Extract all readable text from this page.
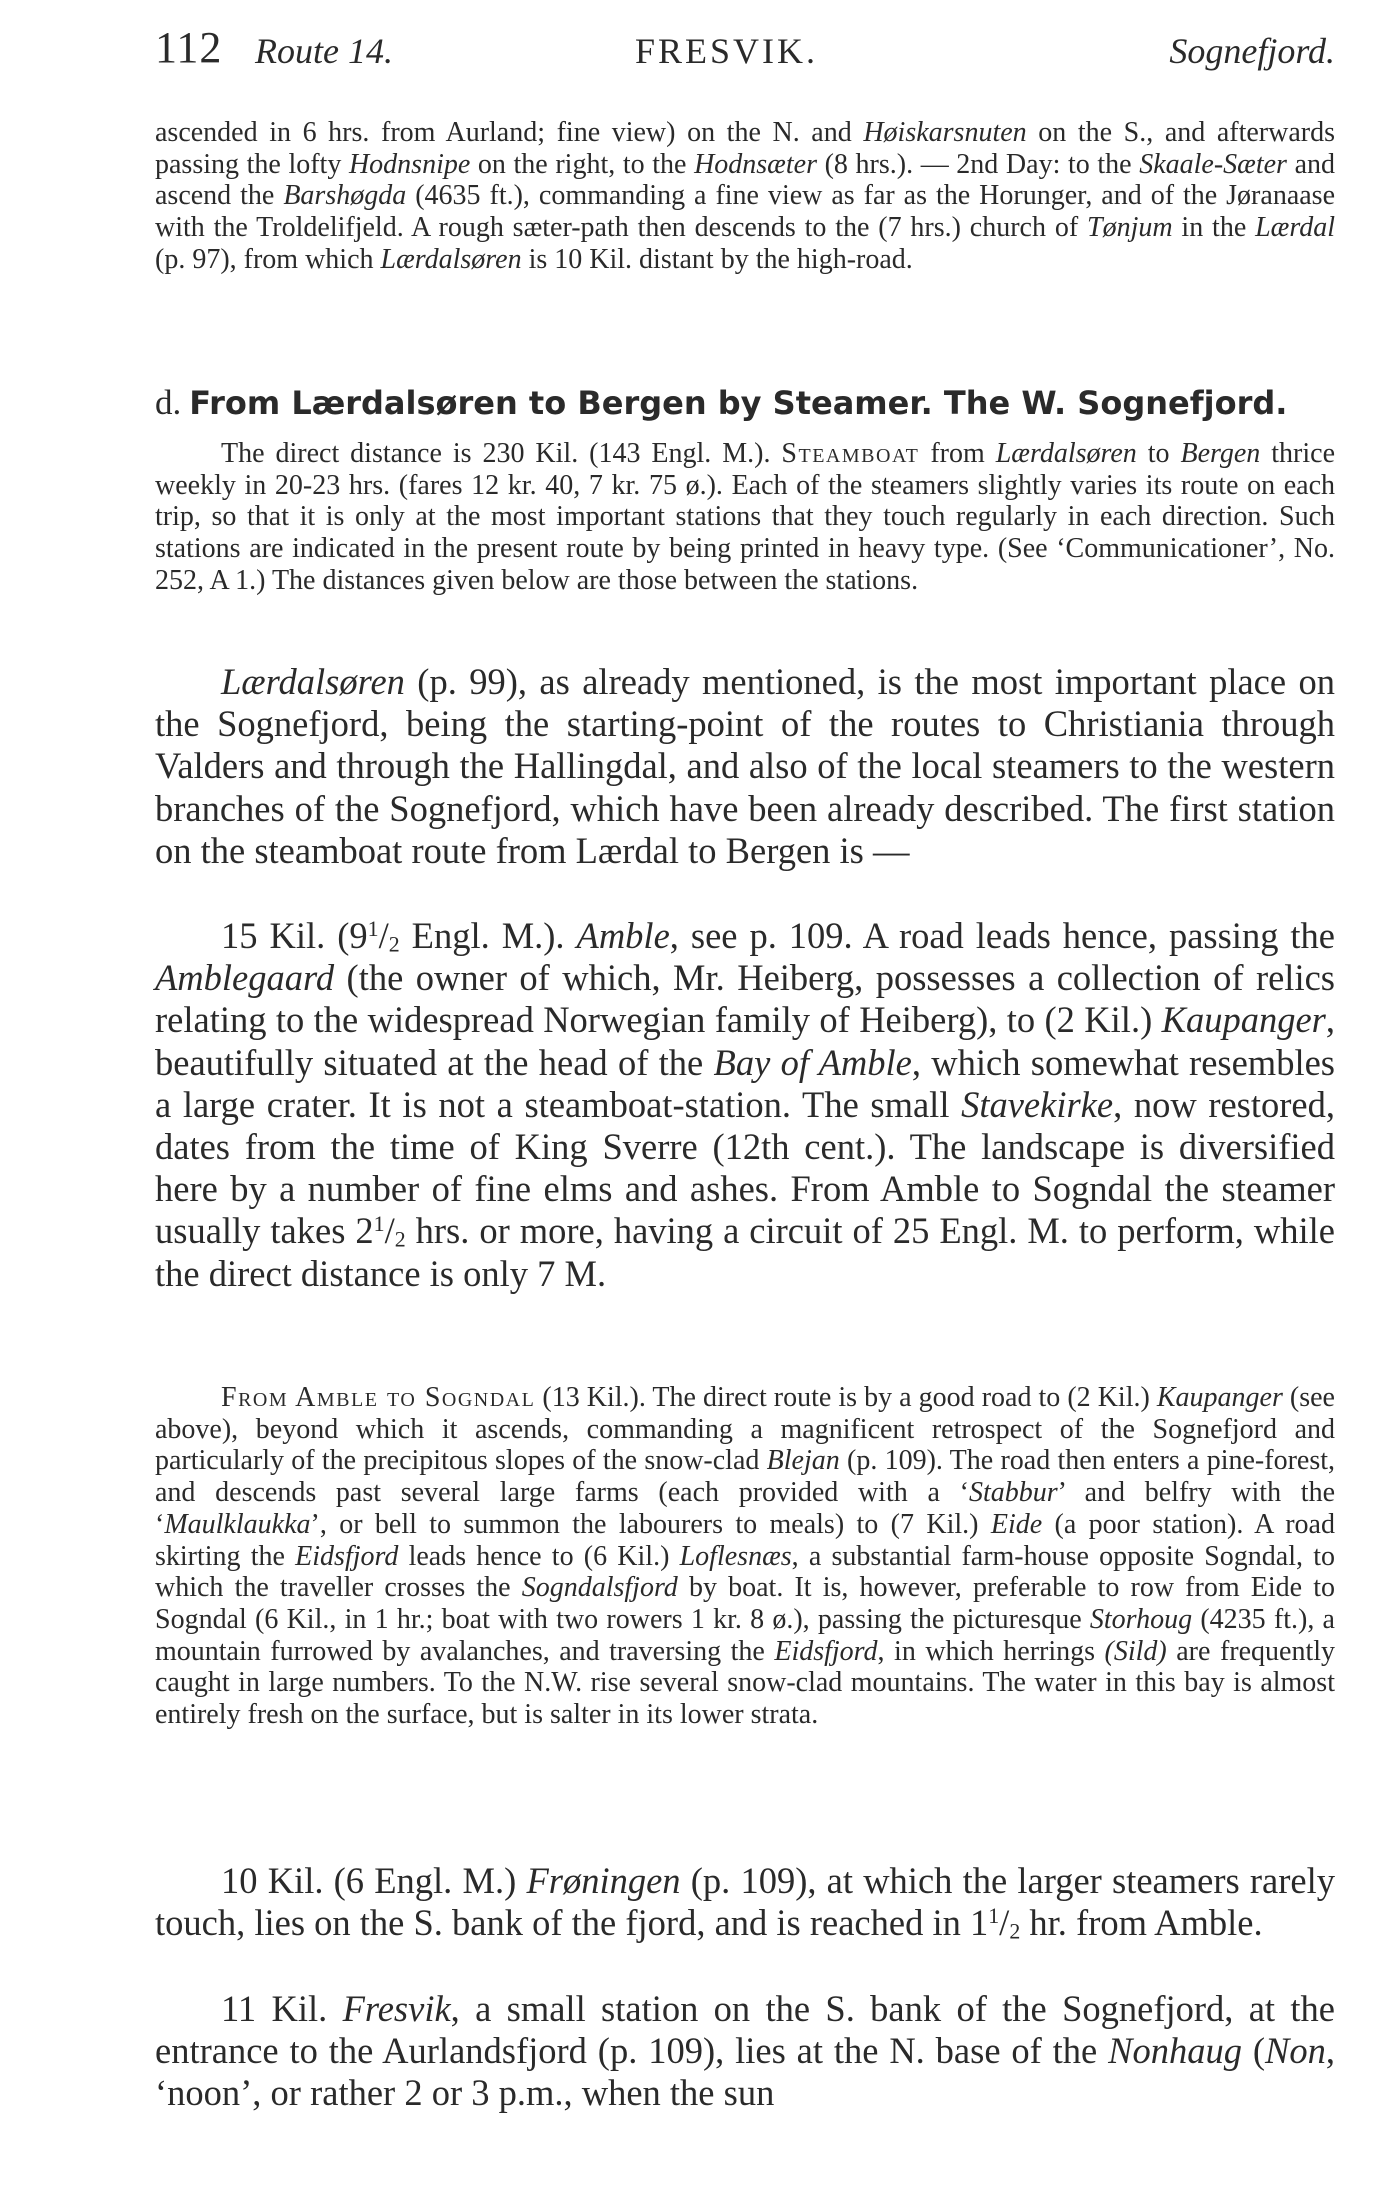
112 Route 14.	FRESVIK.	Sognefjord.

ascended in 6 hrs. from Aurland; fine view) on the N. and Høiskarsnuten on the S., and afterwards passing the lofty Hodnsnipe on the right, to the Hodnsæter (8 hrs.). — 2nd Day: to the Skaale-Sæter and ascend the Barshøgda (4635 ft.), commanding a fine view as far as the Horunger, and of the Jøranaase with the Troldelifjeld. A rough sæter-path then descends to the (7 hrs.) church of Tønjum in the Lærdal (p. 97), from which Lærdalsøren is 10 Kil. distant by the high-road.

d. From Lærdalsøren to Bergen by Steamer. The W. Sognefjord.

The direct distance is 230 Kil. (143 Engl. M.). Steamboat from Lærdalsøren to Bergen thrice weekly in 20-23 hrs. (fares 12 kr. 40, 7 kr. 75 ø.). Each of the steamers slightly varies its route on each trip, so that it is only at the most important stations that they touch regularly in each direction. Such stations are indicated in the present route by being printed in heavy type. (See ‘Communicationer’, No. 252, A 1.) The distances given below are those between the stations.

Lærdalsøren (p. 99), as already mentioned, is the most important place on the Sognefjord, being the starting-point of the routes to Christiania through Valders and through the Hallingdal, and also of the local steamers to the western branches of the Sognefjord, which have been already described. The first station on the steamboat route from Lærdal to Bergen is —

15 Kil. ($9^1/_2$ Engl. M.). Amble, see p. 109. A road leads hence, passing the Amblegaard (the owner of which, Mr. Heiberg, possesses a collection of relics relating to the widespread Norwegian family of Heiberg), to (2 Kil.) Kaupanger, beautifully situated at the head of the Bay of Amble, which somewhat resembles a large crater. It is not a steamboat-station. The small Stavekirke, now restored, dates from the time of King Sverre (12th cent.). The landscape is diversified here by a number of fine elms and ashes. From Amble to Sogndal the steamer usually takes $2^1/_2$ hrs. or more, having a circuit of 25 Engl. M. to perform, while the direct distance is only 7 M.

From Amble to Sogndal (13 Kil.). The direct route is by a good road to (2 Kil.) Kaupanger (see above), beyond which it ascends, commanding a magnificent retrospect of the Sognefjord and particularly of the precipitous slopes of the snow-clad Blejan (p. 109). The road then enters a pine-forest, and descends past several large farms (each provided with a ‘Stabbur’ and belfry with the ‘Maulklaukka’, or bell to summon the labourers to meals) to (7 Kil.) Eide (a poor station). A road skirting the Eidsfjord leads hence to (6 Kil.) Loflesnæs, a substantial farm-house opposite Sogndal, to which the traveller crosses the Sogndalsfjord by boat. It is, however, preferable to row from Eide to Sogndal (6 Kil., in 1 hr.; boat with two rowers 1 kr. 8 ø.), passing the picturesque Storhoug (4235 ft.), a mountain furrowed by avalanches, and traversing the Eidsfjord, in which herrings (Sild) are frequently caught in large numbers. To the N.W. rise several snow-clad mountains. The water in this bay is almost entirely fresh on the surface, but is salter in its lower strata.

10 Kil. (6 Engl. M.) Frøningen (p. 109), at which the larger steamers rarely touch, lies on the S. bank of the fjord, and is reached in $1^1/_2$ hr. from Amble.

11 Kil. Fresvik, a small station on the S. bank of the Sognefjord, at the entrance to the Aurlandsfjord (p. 109), lies at the N. base of the Nonhaug (Non, ‘noon’, or rather 2 or 3 p.m., when the sun
